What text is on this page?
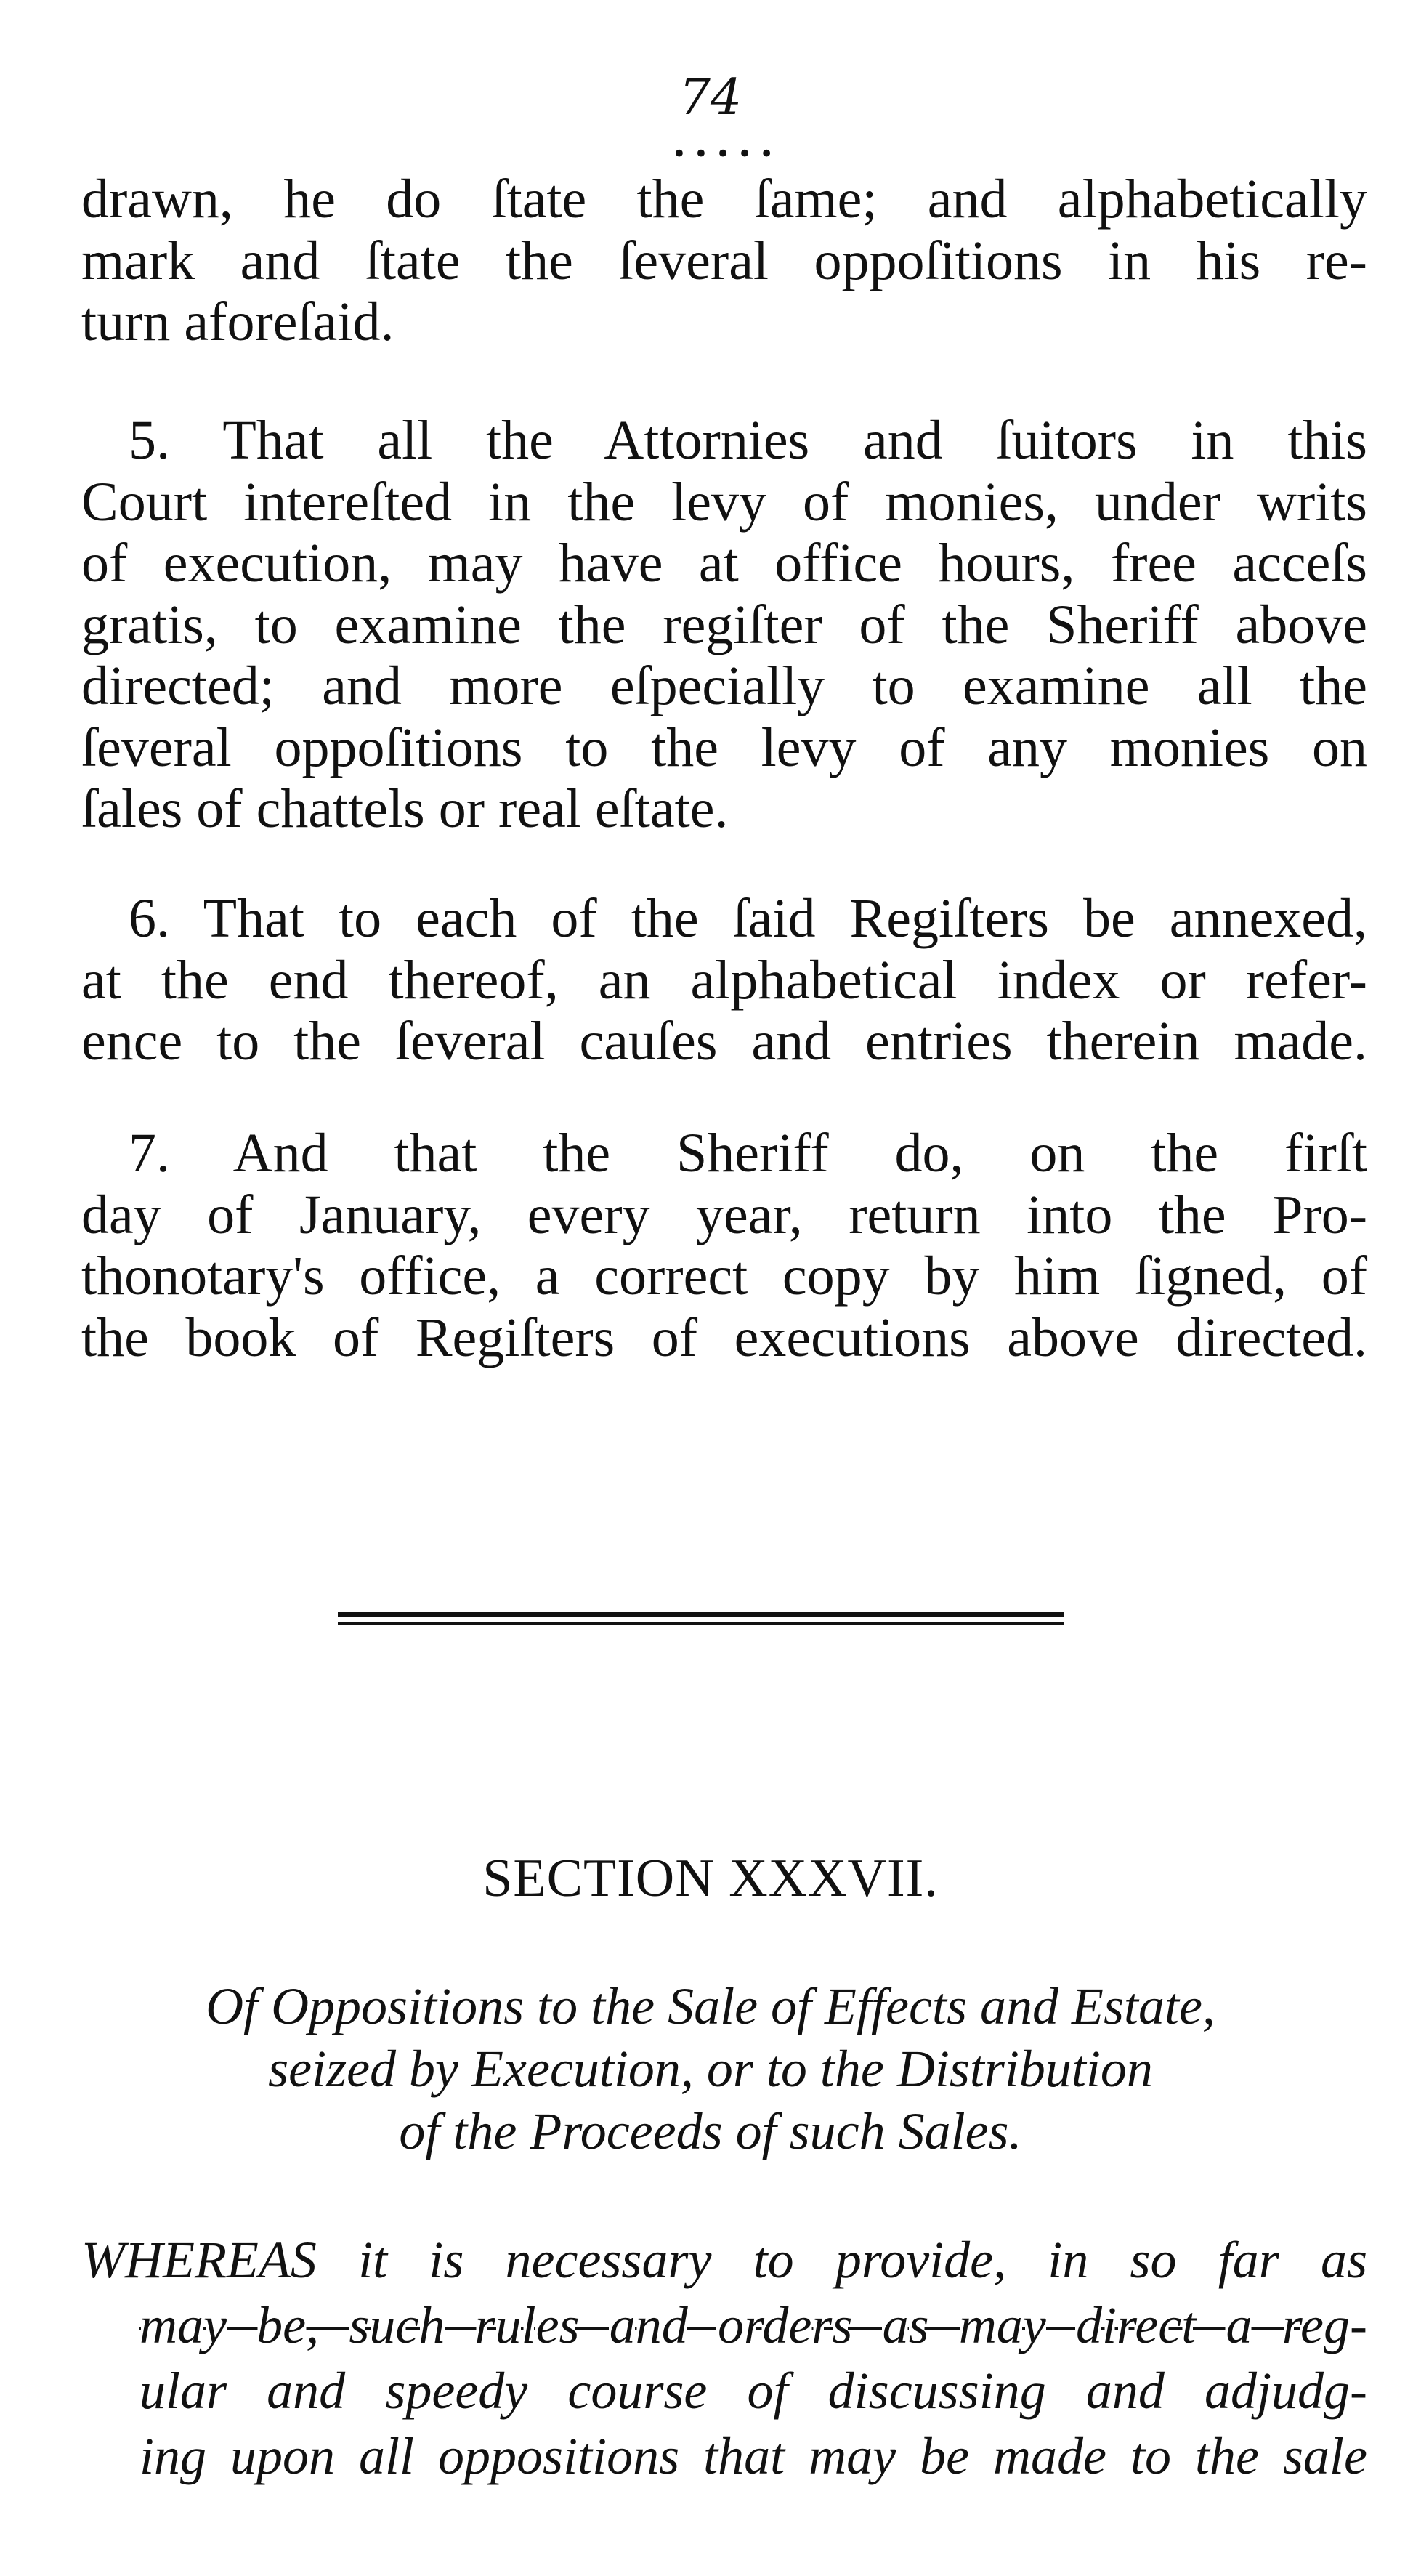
74
•••••
drawn, he do ſtate the ſame; and alphabetically
mark and ſtate the ſeveral oppoſitions in his re-
turn aforeſaid.
5. That all the Attornies and ſuitors in this
Court intereſted in the levy of monies, under writs
of execution, may have at office hours, free acceſs
gratis, to examine the regiſter of the Sheriff above
directed; and more eſpecially to examine all the
ſeveral oppoſitions to the levy of any monies on
ſales of chattels or real eſtate.
6. That to each of the ſaid Regiſters be annexed,
at the end thereof, an alphabetical index or refer-
ence to the ſeveral cauſes and entries therein made.
7. And that the Sheriff do, on the firſt
day of January, every year, return into the Pro-
thonotary's office, a correct copy by him ſigned, of
the book of Regiſters of executions above directed.
SECTION XXXVII.
Of Oppositions to the Sale of Effects and Estate,
seized by Execution, or to the Distribution
of the Proceeds of such Sales.
WHEREAS it is necessary to provide, in so far as
may be, such rules and orders as may direct a reg-
ular and speedy course of discussing and adjudg-
ing upon all oppositions that may be made to the sale
